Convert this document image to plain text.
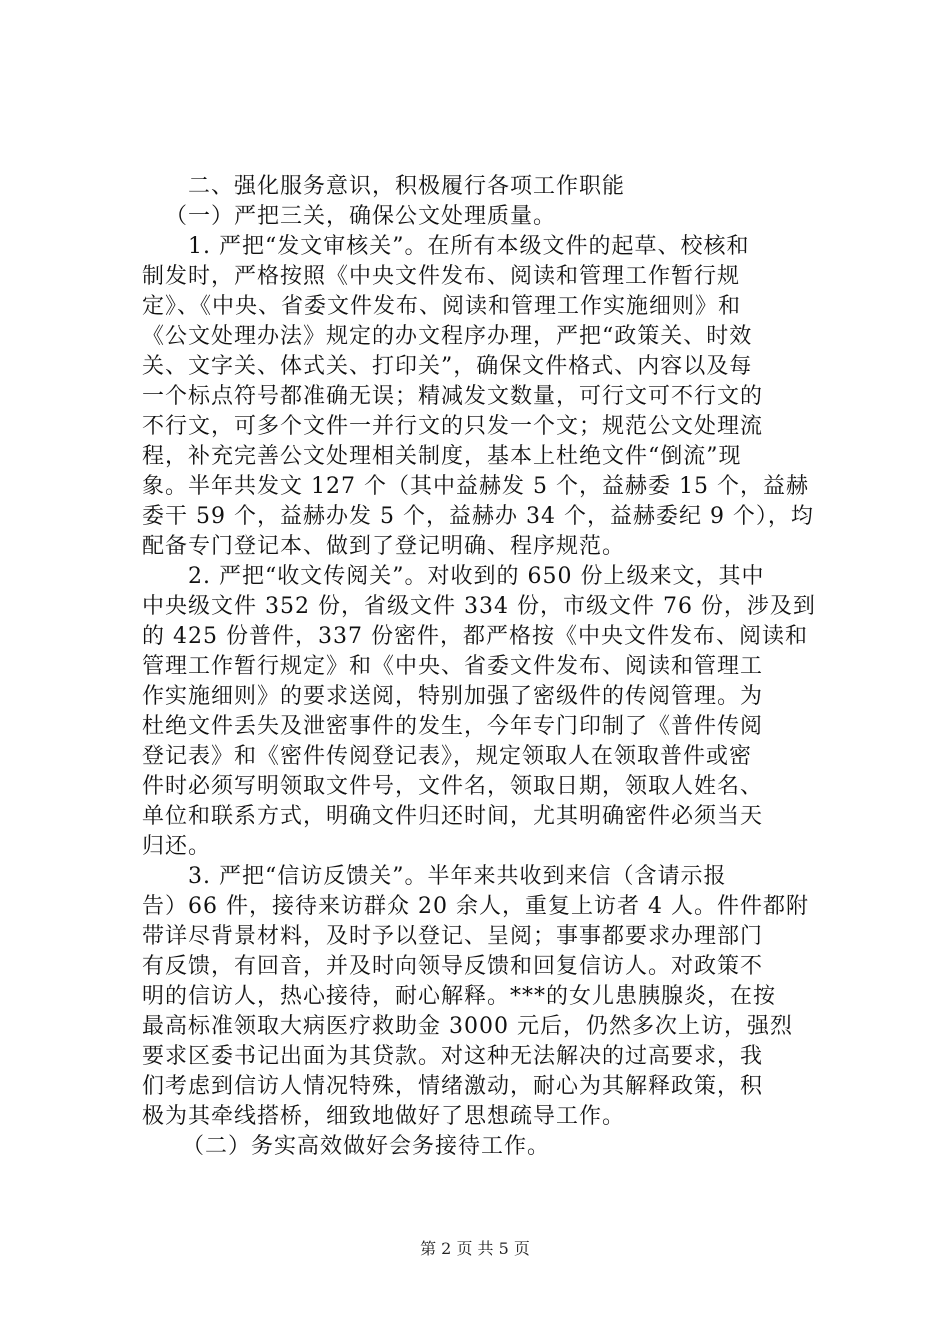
二、强化服务意识，积极履行各项工作职能
（一）严把三关，确保公文处理质量。
1. 严把“发文审核关”。在所有本级文件的起草、校核和
制发时，严格按照《中央文件发布、阅读和管理工作暂行规
定》、《中央、省委文件发布、阅读和管理工作实施细则》和
《公文处理办法》规定的办文程序办理，严把“政策关、时效
关、文字关、体式关、打印关”，确保文件格式、内容以及每
一个标点符号都准确无误；精减发文数量，可行文可不行文的
不行文，可多个文件一并行文的只发一个文；规范公文处理流
程，补充完善公文处理相关制度，基本上杜绝文件“倒流”现
象。半年共发文 127 个（其中益赫发 5 个，益赫委 15 个，益赫
委干 59 个，益赫办发 5 个，益赫办 34 个，益赫委纪 9 个），均
配备专门登记本、做到了登记明确、程序规范。
2. 严把“收文传阅关”。对收到的 650 份上级来文，其中
中央级文件 352 份，省级文件 334 份，市级文件 76 份，涉及到
的 425 份普件，337 份密件，都严格按《中央文件发布、阅读和
管理工作暂行规定》和《中央、省委文件发布、阅读和管理工
作实施细则》的要求送阅，特别加强了密级件的传阅管理。为
杜绝文件丢失及泄密事件的发生，今年专门印制了《普件传阅
登记表》和《密件传阅登记表》，规定领取人在领取普件或密
件时必须写明领取文件号，文件名，领取日期，领取人姓名、
单位和联系方式，明确文件归还时间，尤其明确密件必须当天
归还。
3. 严把“信访反馈关”。半年来共收到来信（含请示报
告）66 件，接待来访群众 20 余人，重复上访者 4 人。件件都附
带详尽背景材料，及时予以登记、呈阅；事事都要求办理部门
有反馈，有回音，并及时向领导反馈和回复信访人。对政策不
明的信访人，热心接待，耐心解释。***的女儿患胰腺炎，在按
最高标准领取大病医疗救助金 3000 元后，仍然多次上访，强烈
要求区委书记出面为其贷款。对这种无法解决的过高要求，我
们考虑到信访人情况特殊，情绪激动，耐心为其解释政策，积
极为其牵线搭桥，细致地做好了思想疏导工作。
（二）务实高效做好会务接待工作。
第 2 页 共 5 页
